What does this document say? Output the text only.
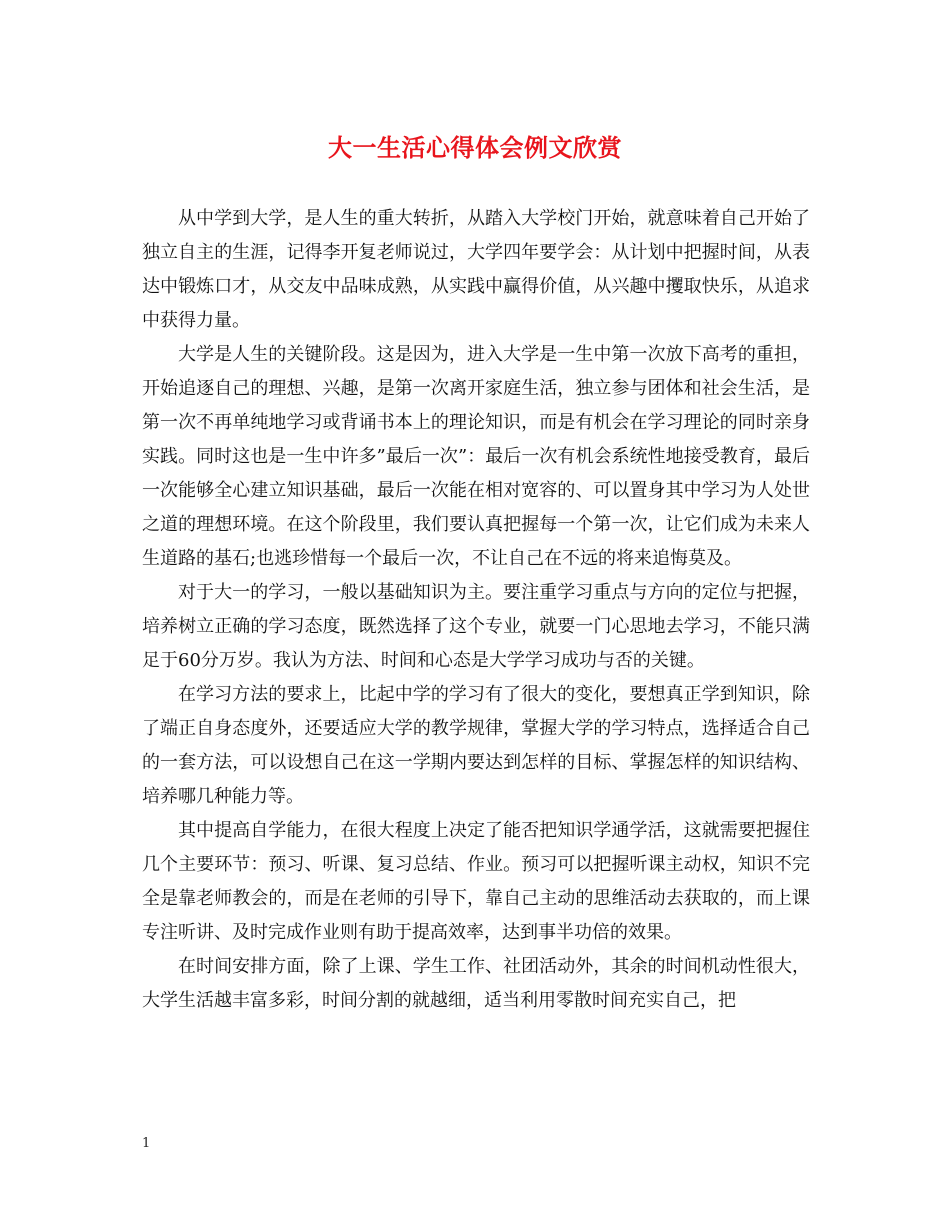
大一生活心得体会例文欣赏

从中学到大学，是人生的重大转折，从踏入大学校门开始，就意味着自己开始了独立自主的生涯，记得李开复老师说过，大学四年要学会：从计划中把握时间，从表达中锻炼口才，从交友中品味成熟，从实践中赢得价值，从兴趣中攫取快乐，从追求中获得力量。

大学是人生的关键阶段。这是因为，进入大学是一生中第一次放下高考的重担，开始追逐自己的理想、兴趣，是第一次离开家庭生活，独立参与团体和社会生活，是第一次不再单纯地学习或背诵书本上的理论知识，而是有机会在学习理论的同时亲身实践。同时这也是一生中许多”最后一次”：最后一次有机会系统性地接受教育，最后一次能够全心建立知识基础，最后一次能在相对宽容的、可以置身其中学习为人处世之道的理想环境。在这个阶段里，我们要认真把握每一个第一次，让它们成为未来人生道路的基石;也逃珍惜每一个最后一次，不让自己在不远的将来追悔莫及。

对于大一的学习，一般以基础知识为主。要注重学习重点与方向的定位与把握，培养树立正确的学习态度，既然选择了这个专业，就要一门心思地去学习，不能只满足于60分万岁。我认为方法、时间和心态是大学学习成功与否的关键。

在学习方法的要求上，比起中学的学习有了很大的变化，要想真正学到知识，除了端正自身态度外，还要适应大学的教学规律，掌握大学的学习特点，选择适合自己的一套方法，可以设想自己在这一学期内要达到怎样的目标、掌握怎样的知识结构、培养哪几种能力等。

其中提高自学能力，在很大程度上决定了能否把知识学通学活，这就需要把握住几个主要环节：预习、听课、复习总结、作业。预习可以把握听课主动权，知识不完全是靠老师教会的，而是在老师的引导下，靠自己主动的思维活动去获取的，而上课专注听讲、及时完成作业则有助于提高效率，达到事半功倍的效果。

在时间安排方面，除了上课、学生工作、社团活动外，其余的时间机动性很大，大学生活越丰富多彩，时间分割的就越细，适当利用零散时间充实自己，把

1
